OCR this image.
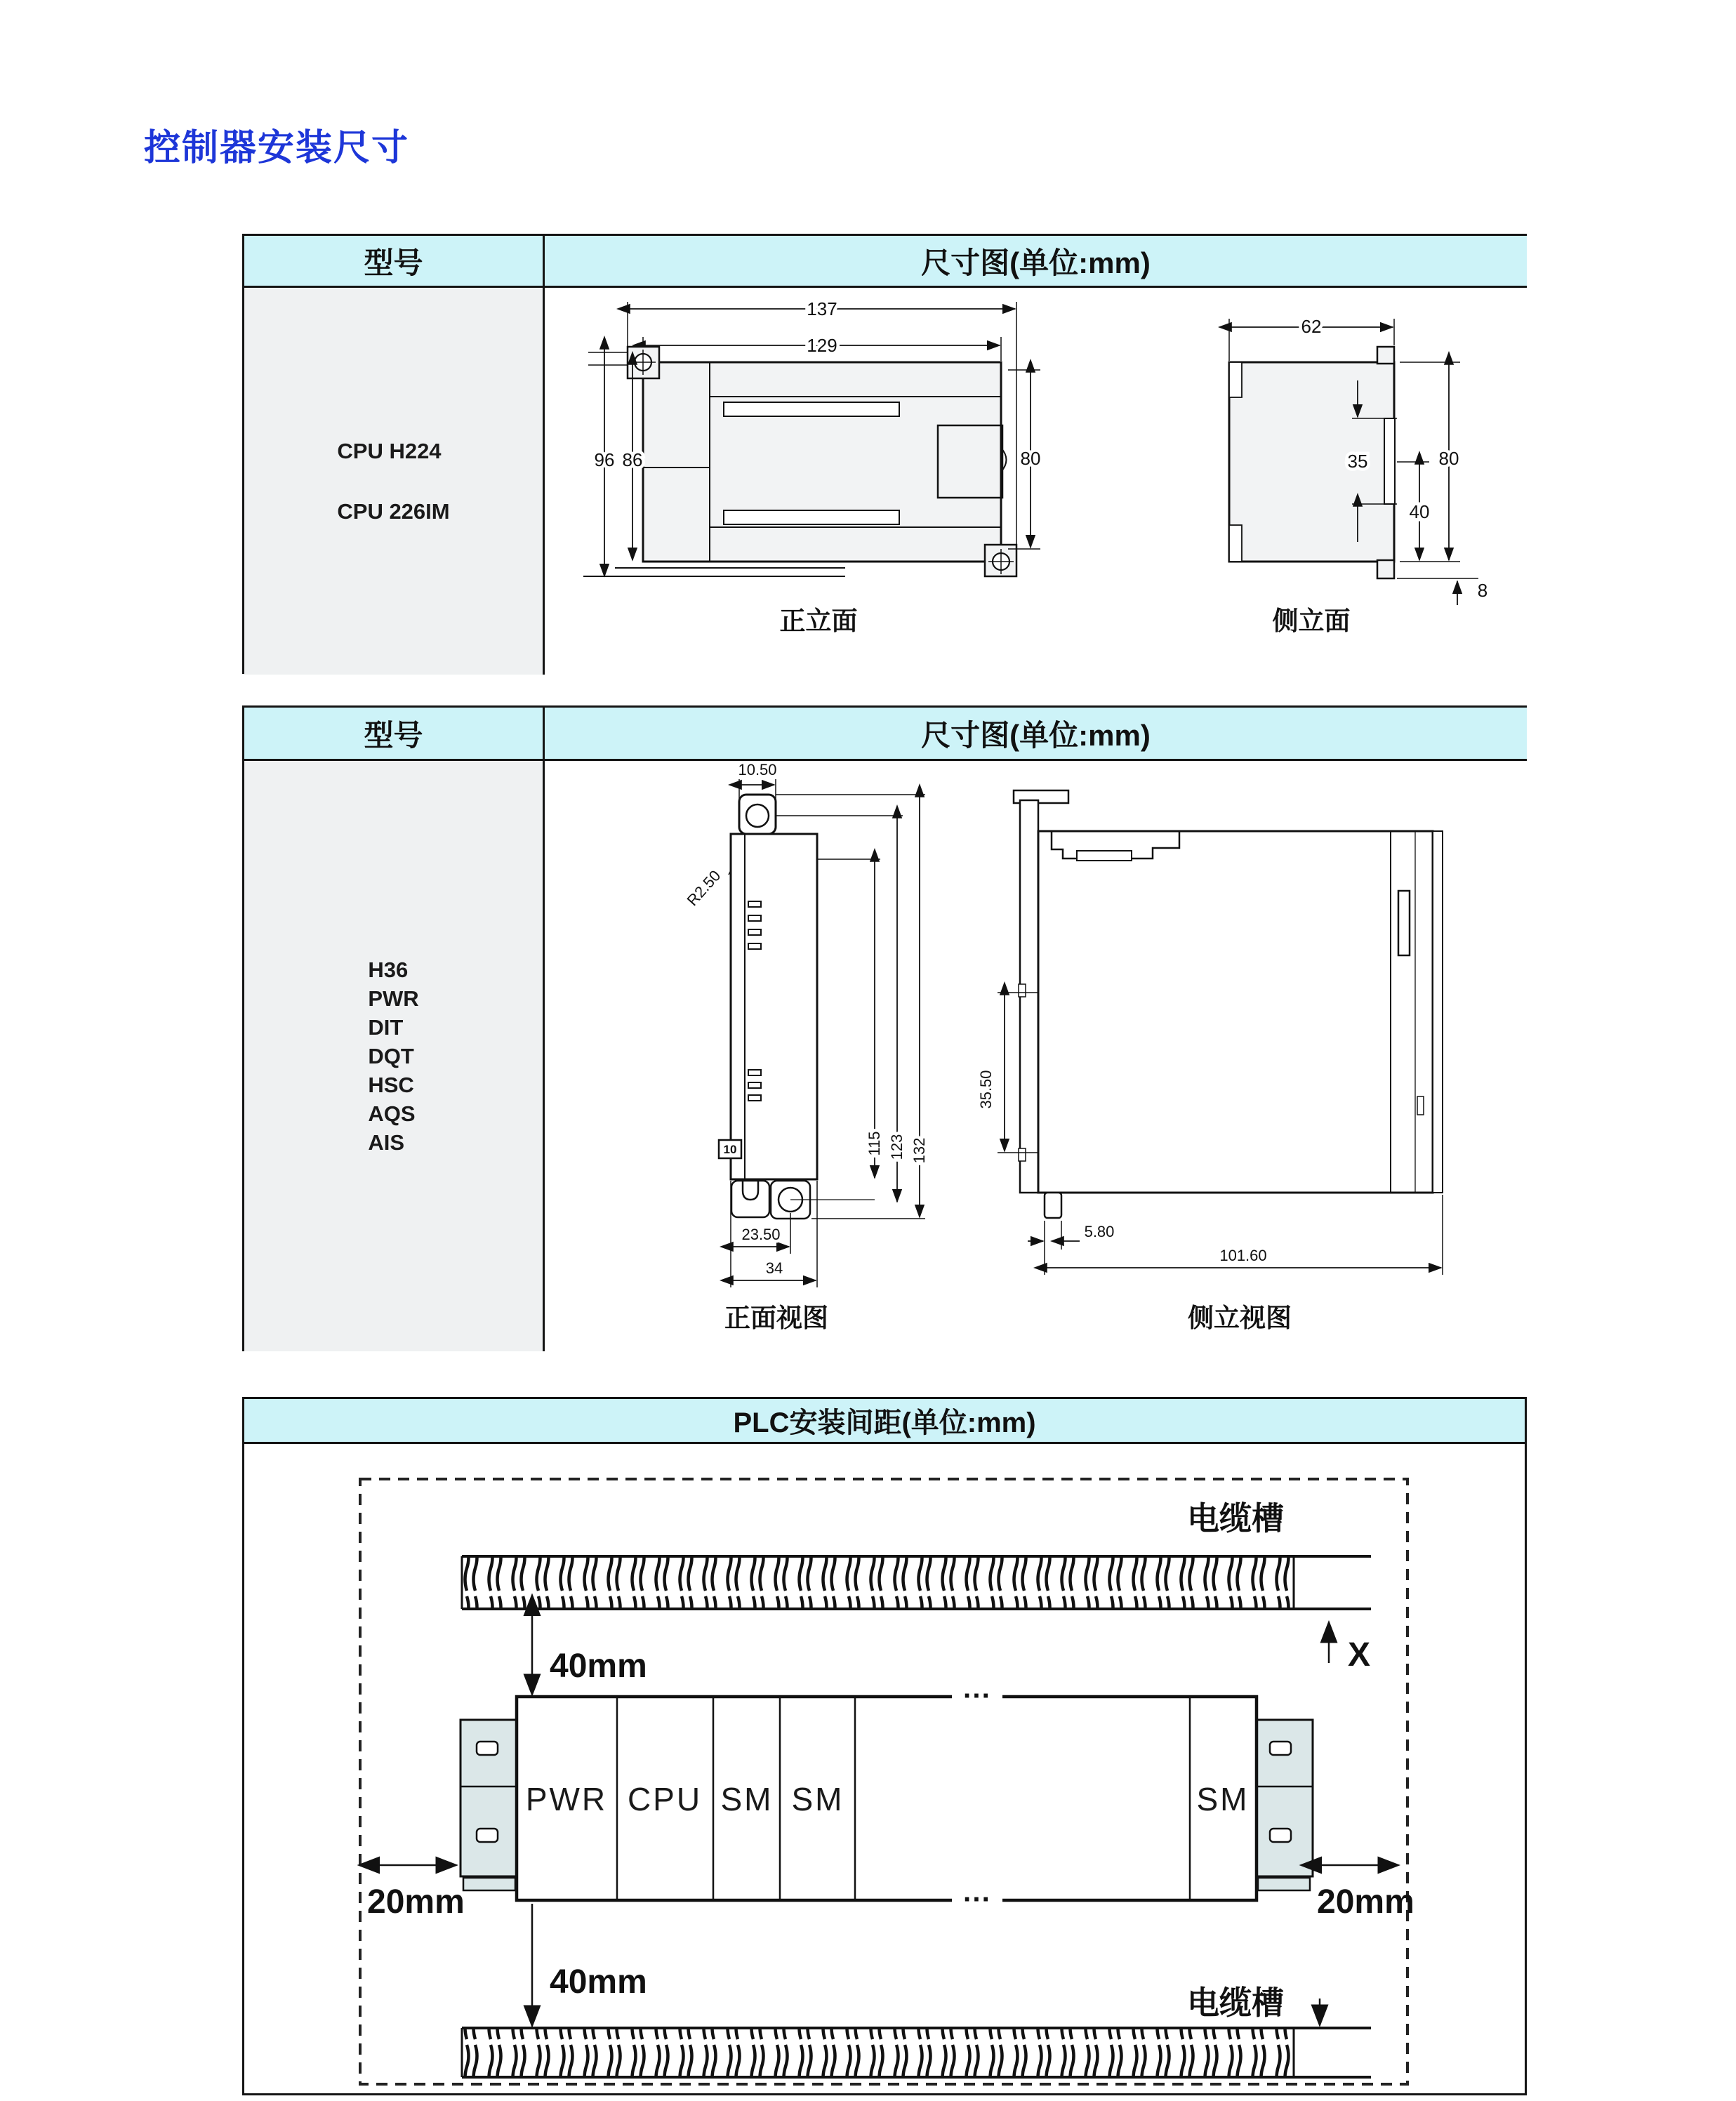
控制器安装尺寸
型号	尺寸图(单位:mm)
CPU H224
CPU 226IM
137
129
96 86	80
正立面
62
35	80
40
8
侧立面
型号	尺寸图(单位:mm)
H36
PWR
DIT
DQT
HSC
AQS
AIS
10.50
R2.50
10	115 123 132
23.50
34
正面视图
35.50
5.80
101.60
侧立视图
PLC安装间距(单位:mm)
电缆槽
X
40mm
···
···
PWR CPU SM SM	SM
20mm	20mm
40mm
电缆槽
